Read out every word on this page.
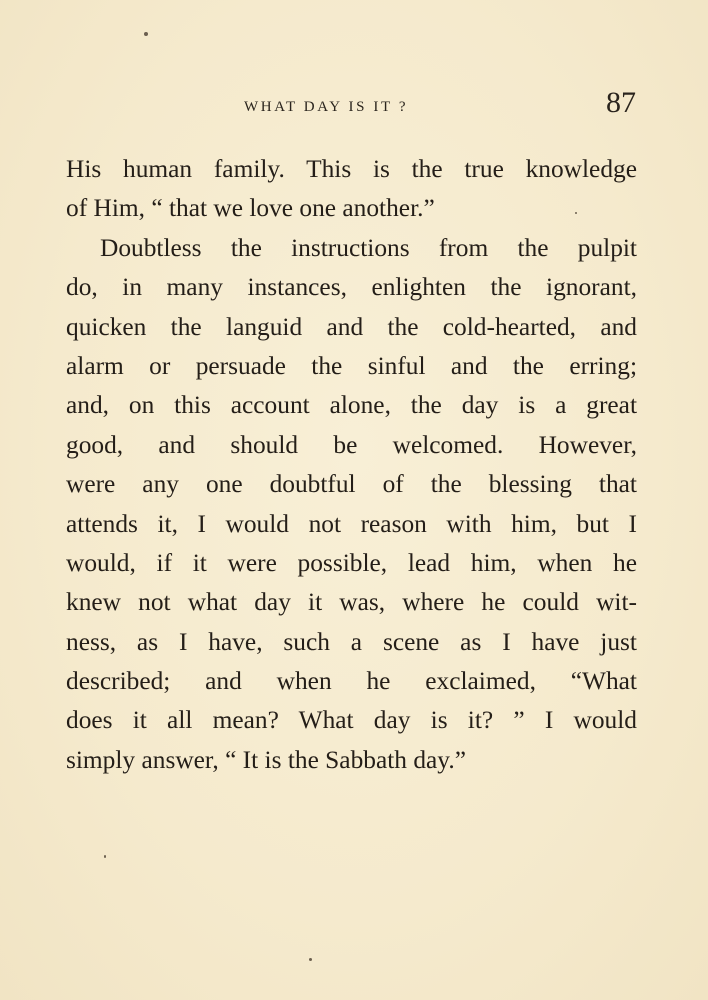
WHAT DAY IS IT ?	87
His human family. This is the true knowledge
of Him, “ that we love one another.”
Doubtless the instructions from the pulpit
do, in many instances, enlighten the ignorant,
quicken the languid and the cold-hearted, and
alarm or persuade the sinful and the erring;
and, on this account alone, the day is a great
good, and should be welcomed. However,
were any one doubtful of the blessing that
attends it, I would not reason with him, but I
would, if it were possible, lead him, when he
knew not what day it was, where he could wit-
ness, as I have, such a scene as I have just
described; and when he exclaimed, “What
does it all mean? What day is it? ” I would
simply answer, “ It is the Sabbath day.”
